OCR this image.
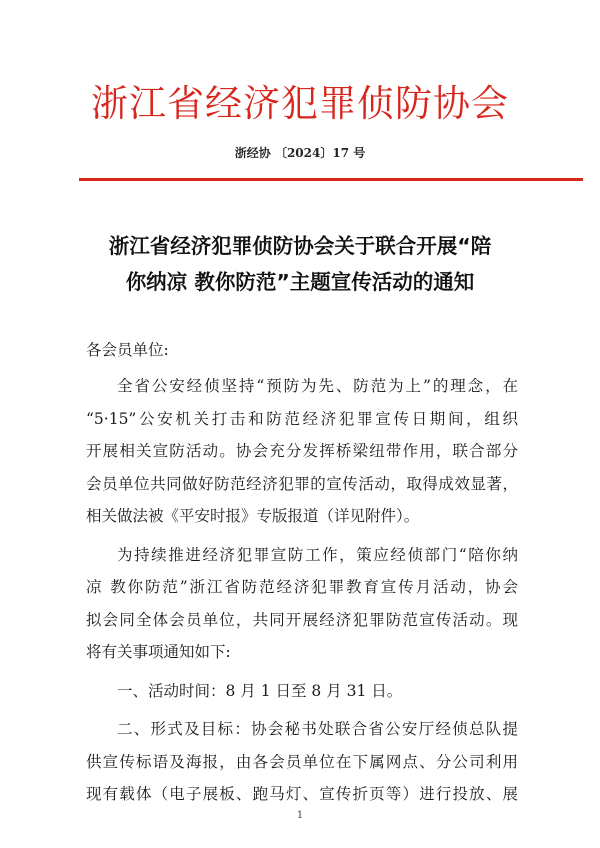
浙江省经济犯罪侦防协会
浙经协 〔2024〕17 号
浙江省经济犯罪侦防协会关于联合开展“陪
你纳凉 教你防范”主题宣传活动的通知
各会员单位:
全省公安经侦坚持“预防为先、防范为上”的理念，在
“5·15”公安机关打击和防范经济犯罪宣传日期间，组织
开展相关宣防活动。协会充分发挥桥梁纽带作用，联合部分
会员单位共同做好防范经济犯罪的宣传活动，取得成效显著，
相关做法被《平安时报》专版报道（详见附件）。
为持续推进经济犯罪宣防工作，策应经侦部门“陪你纳
凉 教你防范”浙江省防范经济犯罪教育宣传月活动，协会
拟会同全体会员单位，共同开展经济犯罪防范宣传活动。现
将有关事项通知如下:
一、活动时间：8 月 1 日至 8 月 31 日。
二、形式及目标：协会秘书处联合省公安厅经侦总队提
供宣传标语及海报，由各会员单位在下属网点、分公司利用
现有载体（电子展板、跑马灯、宣传折页等）进行投放、展
1
